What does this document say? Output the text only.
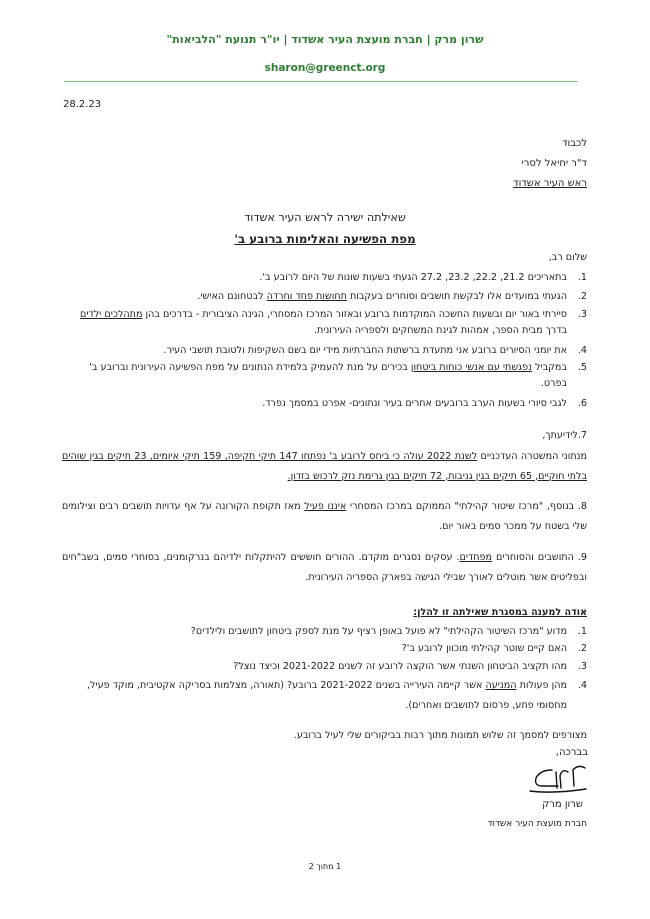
שרון מרק | חברת מועצת העיר אשדוד | יו"ר תנועת "הלביאות"
sharon@greenct.org
28.2.23
לכבוד
ד"ר יחיאל לסרי
ראש העיר אשדוד
שאילתה ישירה לראש העיר אשדוד
מפת הפשיעה והאלימות ברובע ב'
שלום רב,
1.
בתאריכים 21.2, 22.2, 23.2, 27.2 הגעתי בשעות שונות של היום לרובע ב'.
2.
הגעתי במועדים אלו לבקשת תושבים וסוחרים בעקבות תחושות פחד וחרדה לבטחונם האישי.
3.
סיירתי באור יום ובשעות החשכה המוקדמות ברובע ובאזור המרכז המסחרי, הגינה הציבורית - בדרכים בהן מתהלכים ילדים בדרך מבית הספר, אמהות לגינת המשחקים ולספריה העירונית.
4.
את יומני הסיורים ברובע אני מתעדת ברשתות החברתיות מידי יום בשם השקיפות ולטובת תושבי העיר.
5.
במקביל נפגשתי עם אנשי כוחות ביטחון בכירים על מנת להעמיק בלמידת הנתונים על מפת הפשיעה העירונית וברובע ב' בפרט.
6.
לגבי סיורי בשעות הערב ברובעים אחרים בעיר ונתונים- אפרט במסמך נפרד.
7.לידיעתך,
מנתוני המשטרה העדכניים לשנת 2022 עולה כי ביחס לרובע ב' נפתחו 147 תיקי תקיפה, 159 תיקי איומים, 23 תיקים בגין שוהים בלתי חוקיים, 65 תיקים בגין גניבות, 72 תיקים בגין גרימת נזק לרכוש בזדון.
8. בנוסף, "מרכז שיטור קהילתי" הממוקם במרכז המסחרי איננו פעיל מאז תקופת הקורונה על אף עדויות תושבים רבים וצילומים שלי בשטח על ממכר סמים באור יום.
9. התושבים והסוחרים מפחדים. עסקים נסגרים מוקדם. ההורים חוששים להיתקלות ילדיהם בנרקומנים, בסוחרי סמים, בשב"חים ובפליטים אשר מוטלים לאורך שבילי הגישה בפארק הספריה העירונית.
אודה למענה במסגרת שאילתה זו להלן:
1.
מדוע "מרכז השיטור הקהילתי" לא פועל באופן רציף על מנת לספק ביטחון לתושבים ולילדים?
2.
האם קיים שוטר קהילתי מוכוון לרובע ב'?
3.
מהו תקציב הביטחון השנתי אשר הוקצה לרובע זה לשנים 2021-2022 וכיצד נוצל?
4.
מהן פעולות המניעה אשר קיימה העירייה בשנים 2021-2022 ברובע? (תאורה, מצלמות בסריקה אקטיבית, מוקד פעיל, מחסומי פתע, פרסום לתושבים ואחרים).
מצורפים למסמך זה שלוש תמונות מתוך רבות בביקורים שלי לעיל ברובע.
בברכה,
שרון מרק
חברת מועצת העיר אשדוד
1 מתוך 2
